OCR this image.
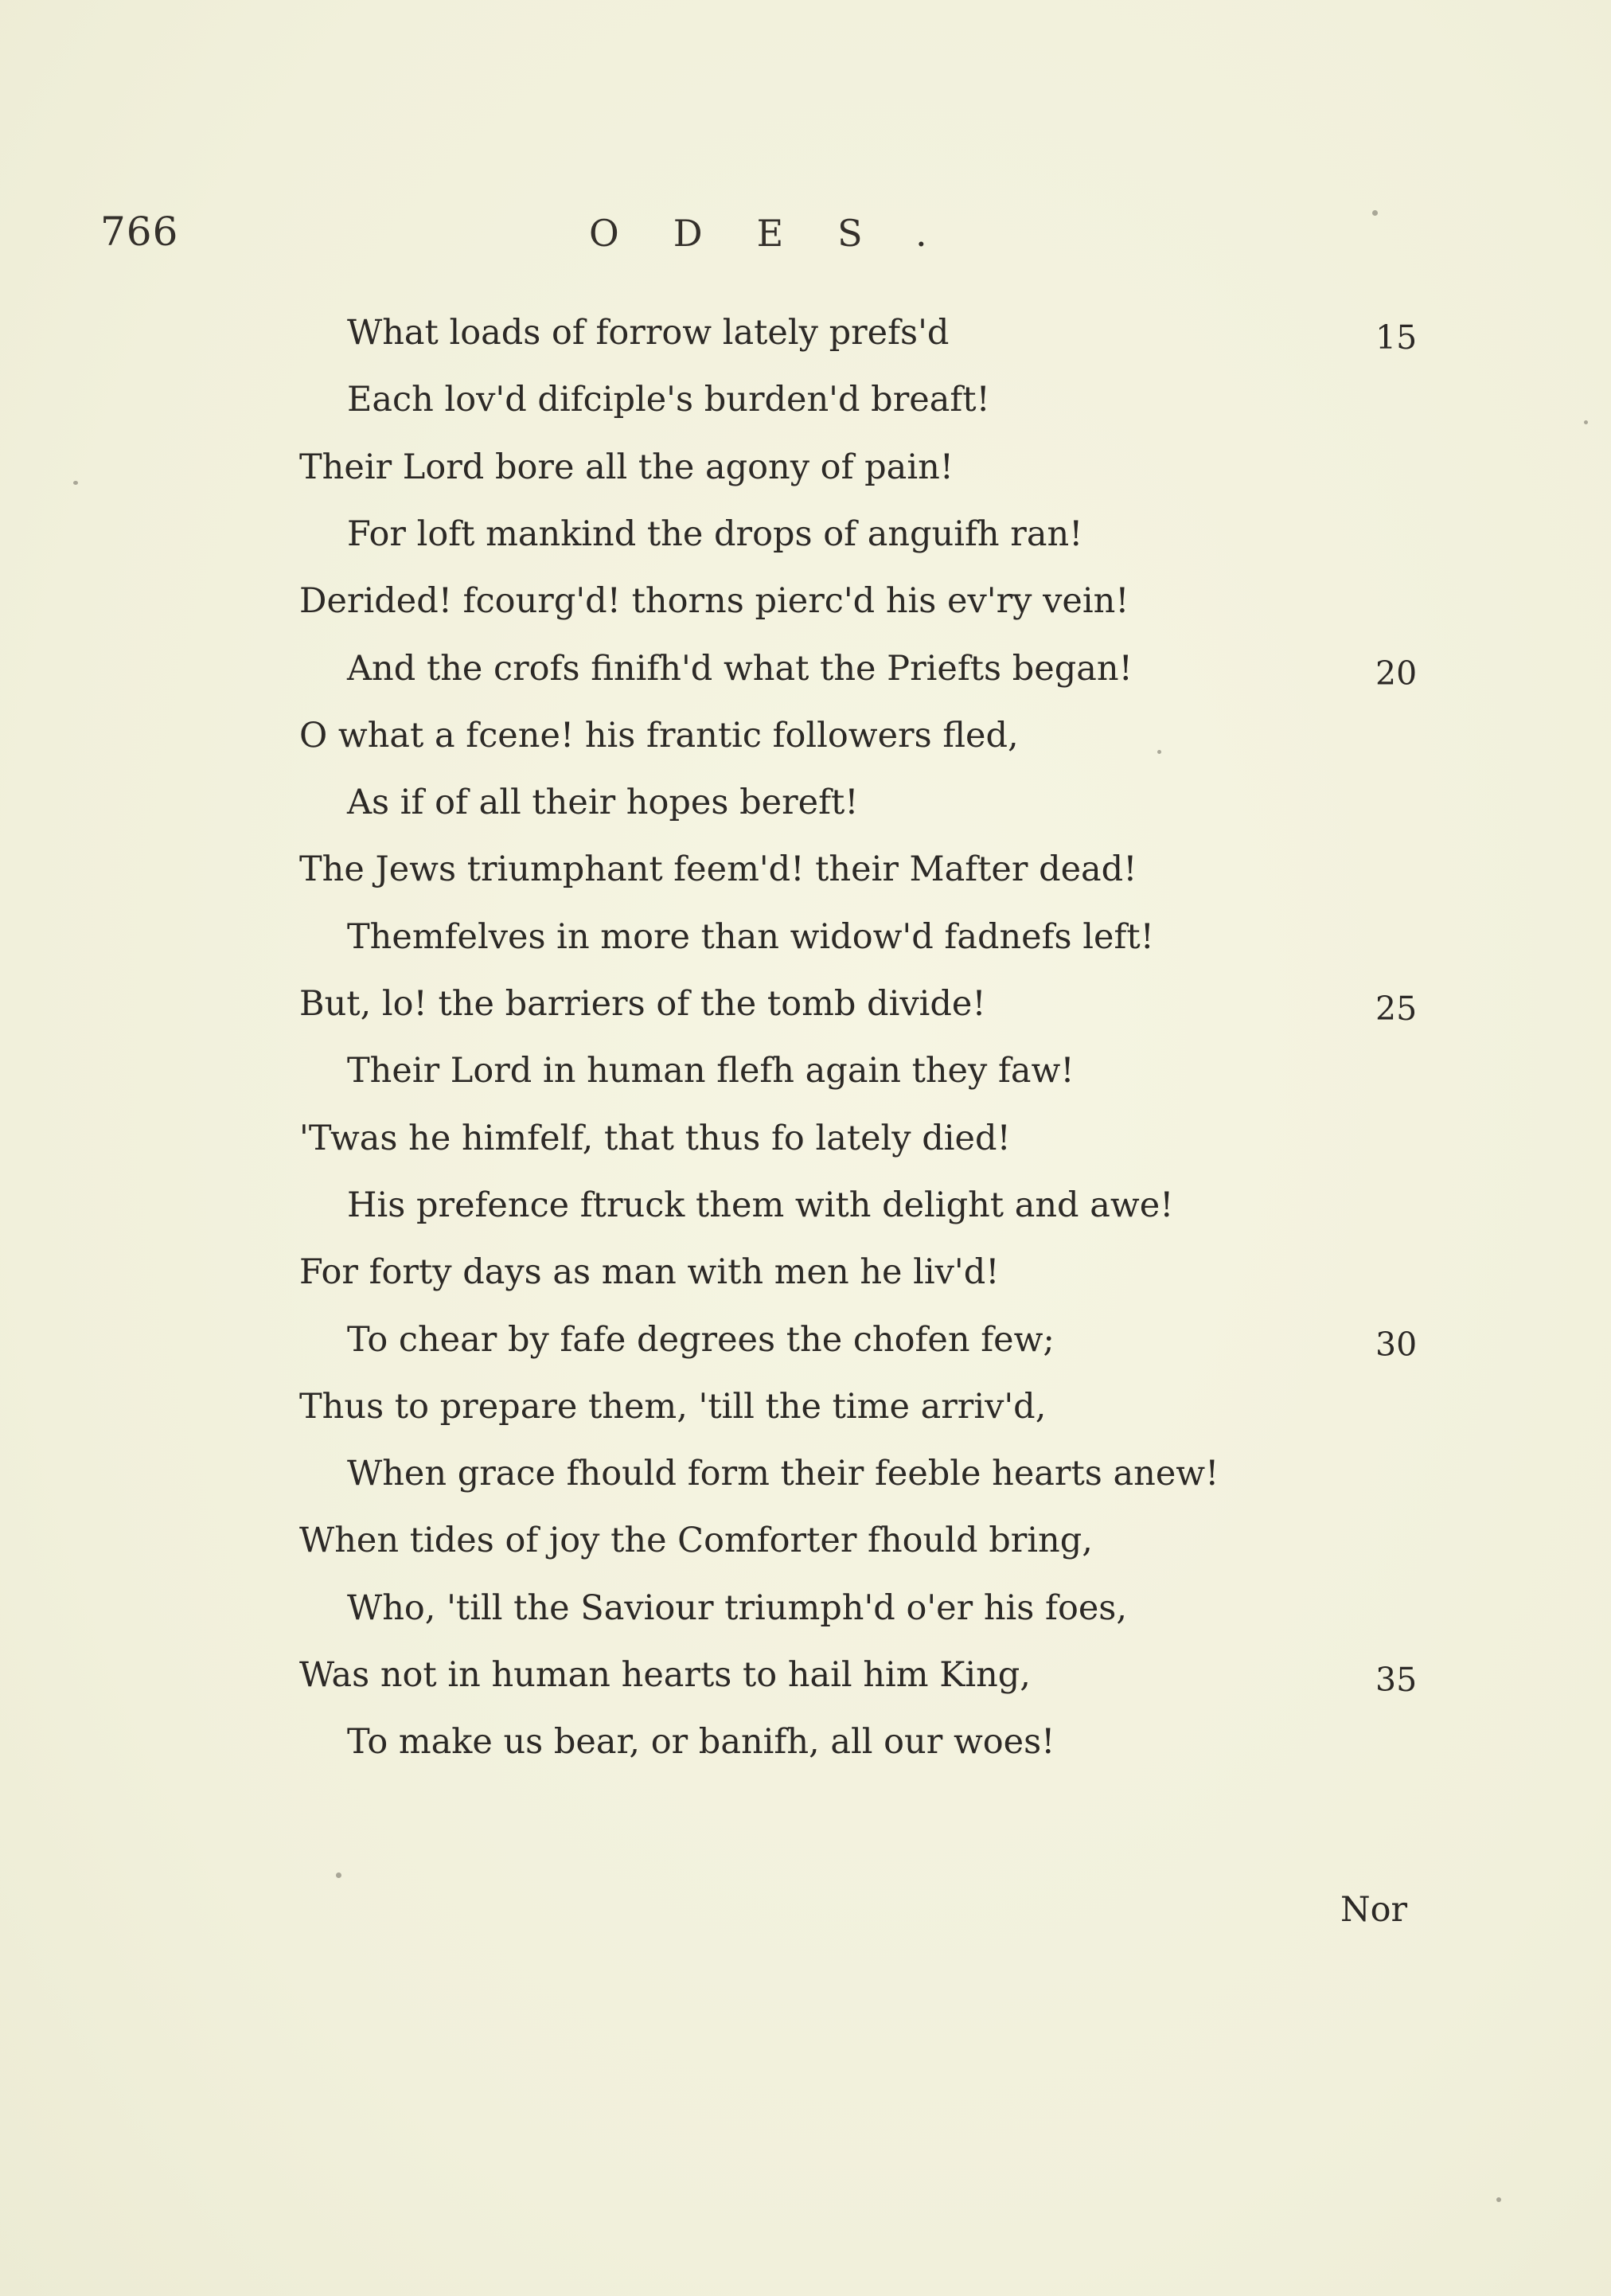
766	ODES.
What loads of forrow lately prefs'd	15
Each lov'd difciple's burden'd breaft!
Their Lord bore all the agony of pain!
For loft mankind the drops of anguifh ran!
Derided! fcourg'd! thorns pierc'd his ev'ry vein!
And the crofs finifh'd what the Priefts began!	20
O what a fcene! his frantic followers fled,
As if of all their hopes bereft!
The Jews triumphant feem'd! their Mafter dead!
Themfelves in more than widow'd fadnefs left!
But, lo! the barriers of the tomb divide!	25
Their Lord in human flefh again they faw!
'Twas he himfelf, that thus fo lately died!
His prefence ftruck them with delight and awe!
For forty days as man with men he liv'd!
To chear by fafe degrees the chofen few;	30
Thus to prepare them, 'till the time arriv'd,
When grace fhould form their feeble hearts anew!
When tides of joy the Comforter fhould bring,
Who, 'till the Saviour triumph'd o'er his foes,
Was not in human hearts to hail him King,	35
To make us bear, or banifh, all our woes!
Nor
